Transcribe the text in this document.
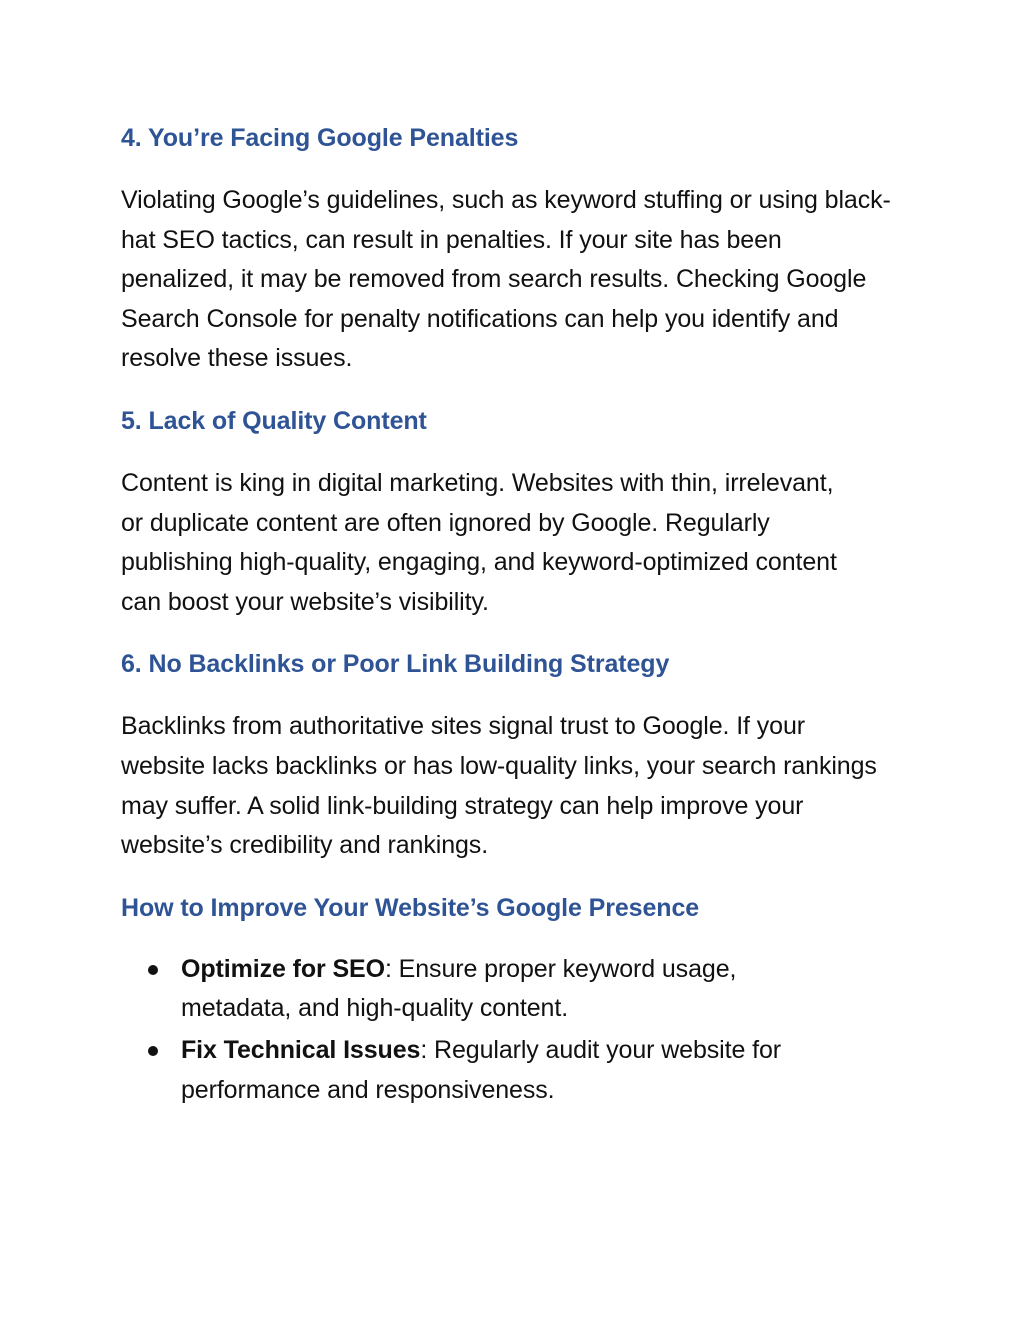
4. You’re Facing Google Penalties

Violating Google’s guidelines, such as keyword stuffing or using black-hat SEO tactics, can result in penalties. If your site has been penalized, it may be removed from search results. Checking Google Search Console for penalty notifications can help you identify and resolve these issues.

5. Lack of Quality Content

Content is king in digital marketing. Websites with thin, irrelevant, or duplicate content are often ignored by Google. Regularly publishing high-quality, engaging, and keyword-optimized content can boost your website’s visibility.

6. No Backlinks or Poor Link Building Strategy

Backlinks from authoritative sites signal trust to Google. If your website lacks backlinks or has low-quality links, your search rankings may suffer. A solid link-building strategy can help improve your website’s credibility and rankings.

How to Improve Your Website’s Google Presence
Optimize for SEO: Ensure proper keyword usage, metadata, and high-quality content.
Fix Technical Issues: Regularly audit your website for performance and responsiveness.
